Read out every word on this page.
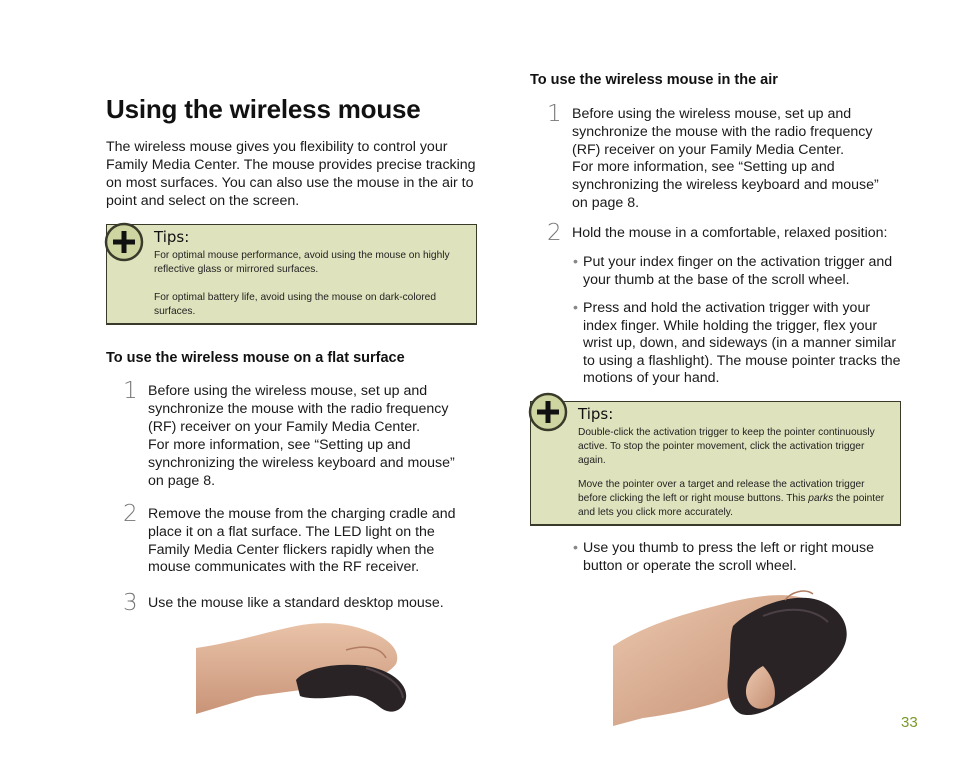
Using the wireless mouse

The wireless mouse gives you flexibility to control your Family Media Center. The mouse provides precise tracking on most surfaces. You can also use the mouse in the air to point and select on the screen.

Tips:

For optimal mouse performance, avoid using the mouse on highly reflective glass or mirrored surfaces.

For optimal battery life, avoid using the mouse on dark-colored surfaces.

To use the wireless mouse on a flat surface
1 Before using the wireless mouse, set up and synchronize the mouse with the radio frequency (RF) receiver on your Family Media Center.

For more information, see “Setting up and synchronizing the wireless keyboard and mouse” on page 8.

2 Remove the mouse from the charging cradle and place it on a flat surface. The LED light on the Family Media Center flickers rapidly when the mouse communicates with the RF receiver.

3 Use the mouse like a standard desktop mouse.

To use the wireless mouse in the air
1 Before using the wireless mouse, set up and synchronize the mouse with the radio frequency (RF) receiver on your Family Media Center.

For more information, see “Setting up and synchronizing the wireless keyboard and mouse” on page 8.

2 Hold the mouse in a comfortable, relaxed position:

• Put your index finger on the activation trigger and your thumb at the base of the scroll wheel.

• Press and hold the activation trigger with your index finger. While holding the trigger, flex your wrist up, down, and sideways (in a manner similar to using a flashlight). The mouse pointer tracks the motions of your hand.

Tips:

Double-click the activation trigger to keep the pointer continuously active. To stop the pointer movement, click the activation trigger again.

Move the pointer over a target and release the activation trigger before clicking the left or right mouse buttons. This parks the pointer and lets you click more accurately.

• Use you thumb to press the left or right mouse button or operate the scroll wheel.

33
